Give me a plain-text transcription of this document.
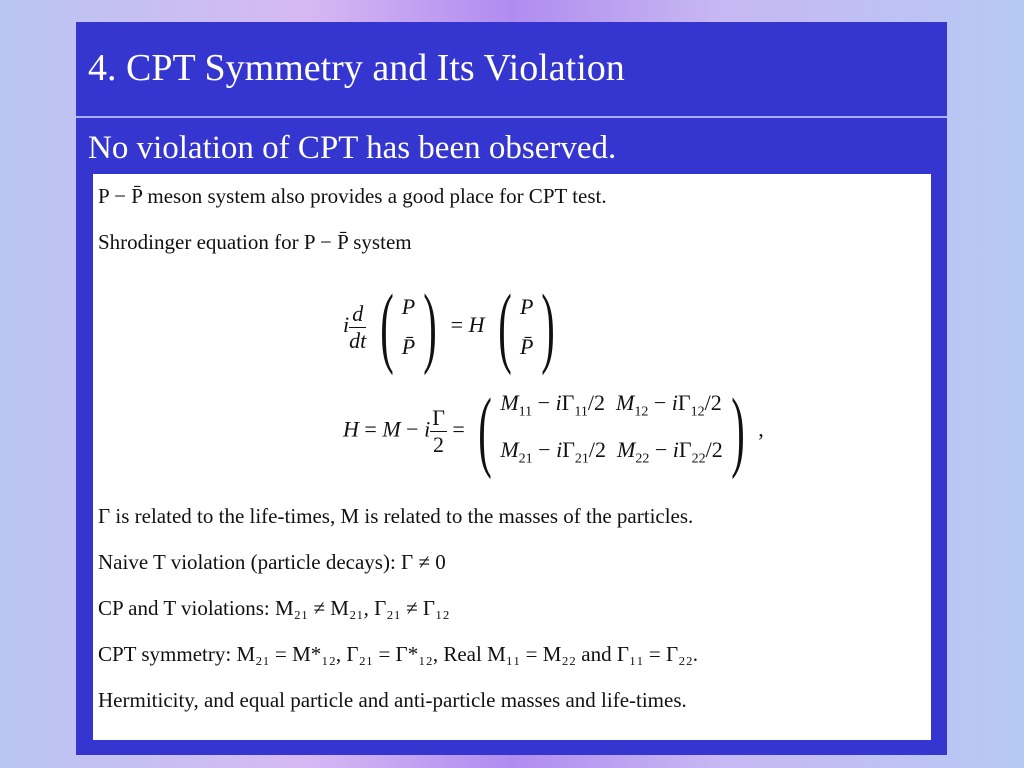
4. CPT Symmetry and Its Violation
No violation of CPT has been observed.
P − P̄ meson system also provides a good place for CPT test.
Shrodinger equation for P − P̄ system
i $\frac{d}{dt}$ ( P
P̄) = H ( P
P̄)
H = M − i $\frac{\Gamma}{2}$ = ( $M_{11} - i\Gamma_{11}/2$  $M_{12} - i\Gamma_{12}/2$
$M_{21} - i\Gamma_{21}/2$  $M_{22} - i\Gamma_{22}/2$) ,
Γ is related to the life-times, M is related to the masses of the particles.
Naive T violation (particle decays): Γ ≠ 0
CP and T violations: M₂₁ ≠ M₂₁, Γ₂₁ ≠ Γ₁₂
CPT symmetry: M₂₁ = M*₁₂, Γ₂₁ = Γ*₁₂, Real M₁₁ = M₂₂ and Γ₁₁ = Γ₂₂.
Hermiticity, and equal particle and anti-particle masses and life-times.
